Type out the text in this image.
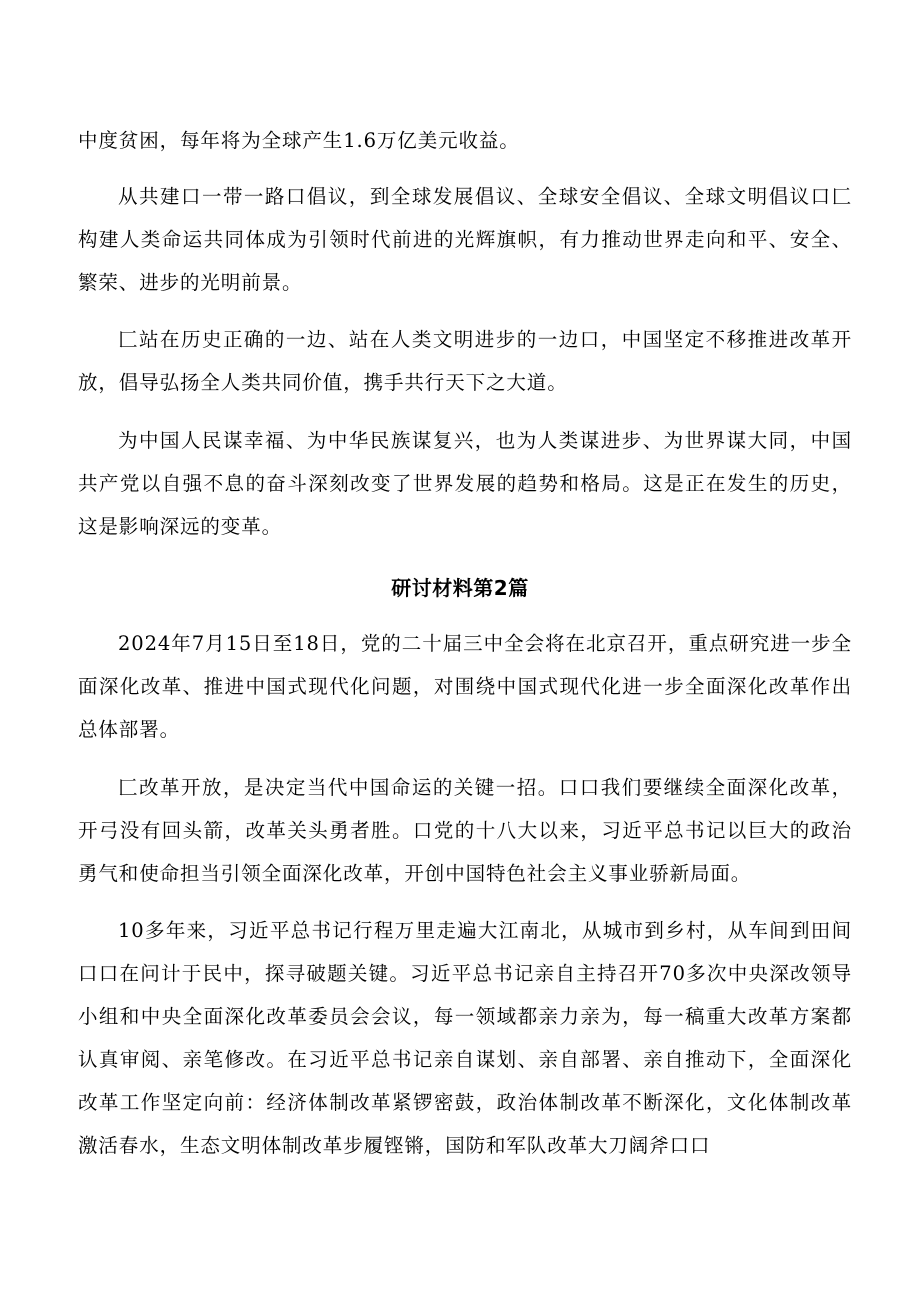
中度贫困，每年将为全球产生1.6万亿美元收益。

从共建口一带一路口倡议，到全球发展倡议、全球安全倡议、全球文明倡议口匚构建人类命运共同体成为引领时代前进的光辉旗帜，有力推动世界走向和平、安全、繁荣、进步的光明前景。

匚站在历史正确的一边、站在人类文明进步的一边口，中国坚定不移推进改革开放，倡导弘扬全人类共同价值，携手共行天下之大道。

为中国人民谋幸福、为中华民族谋复兴，也为人类谋进步、为世界谋大同，中国共产党以自强不息的奋斗深刻改变了世界发展的趋势和格局。这是正在发生的历史，这是影响深远的变革。

研讨材料第2篇

2024年7月15日至18日，党的二十届三中全会将在北京召开，重点研究进一步全面深化改革、推进中国式现代化问题，对围绕中国式现代化进一步全面深化改革作出总体部署。

匚改革开放，是决定当代中国命运的关键一招。口口我们要继续全面深化改革，开弓没有回头箭，改革关头勇者胜。口党的十八大以来，习近平总书记以巨大的政治勇气和使命担当引领全面深化改革，开创中国特色社会主义事业骄新局面。

10多年来，习近平总书记行程万里走遍大江南北，从城市到乡村，从车间到田间口口在问计于民中，探寻破题关键。习近平总书记亲自主持召开70多次中央深改领导小组和中央全面深化改革委员会会议，每一领域都亲力亲为，每一稿重大改革方案都认真审阅、亲笔修改。在习近平总书记亲自谋划、亲自部署、亲自推动下，全面深化改革工作坚定向前：经济体制改革紧锣密鼓，政治体制改革不断深化，文化体制改革激活春水，生态文明体制改革步履铿锵，国防和军队改革大刀阔斧口口
